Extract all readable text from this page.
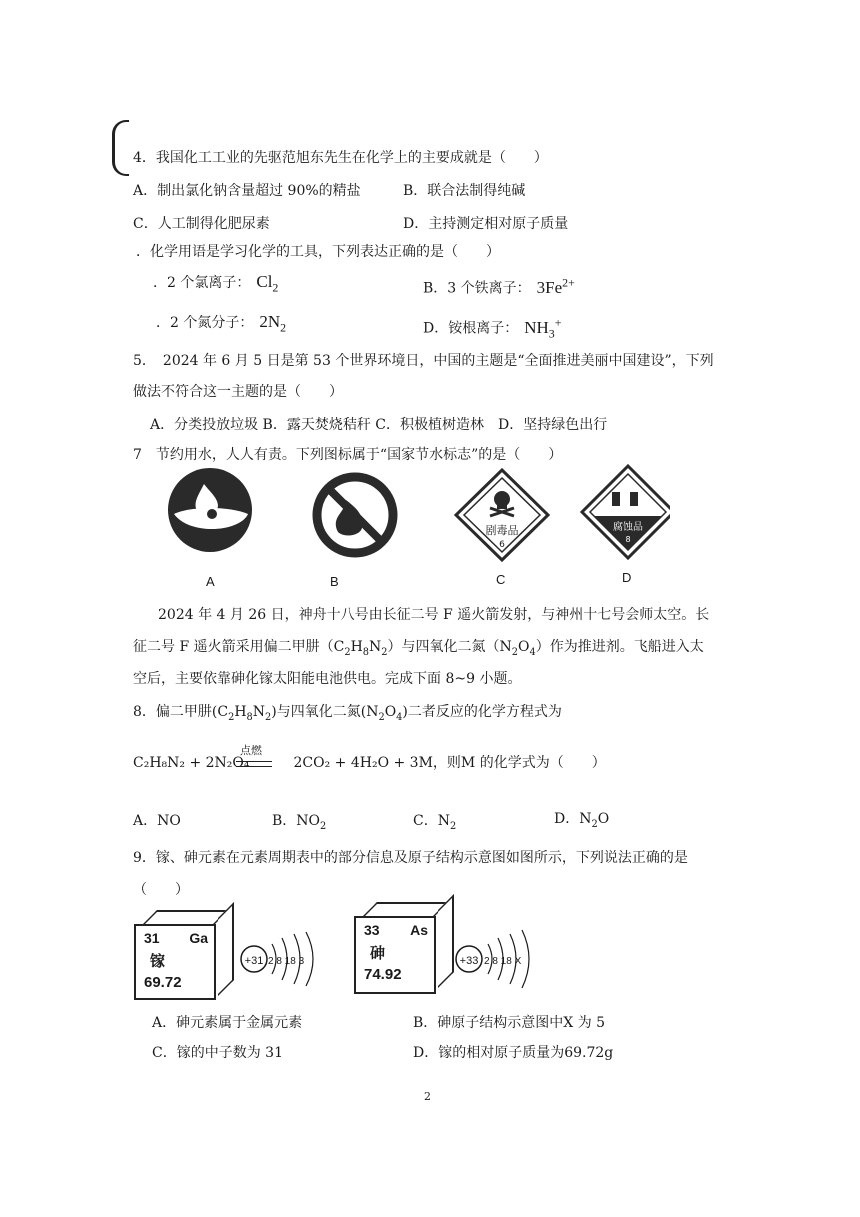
4．我国化工工业的先驱范旭东先生在化学上的主要成就是（　　）
A．制出氯化钠含量超过 90%的精盐	B．联合法制得纯碱
C．人工制得化肥尿素	D．主持测定相对原子质量
．化学用语是学习化学的工具，下列表达正确的是（　　）
．2 个氯离子： $Cl_2$	B．3 个铁离子： $3Fe^{2+}$
．2 个氮分子： $2N_2$	D．铵根离子： $NH_3^+$
5．　2024 年 6 月 5 日是第 53 个世界环境日，中国的主题是“全面推进美丽中国建设”，下列
做法不符合这一主题的是（　　）
A．分类投放垃圾 B．露天焚烧秸秆 C．积极植树造林　D．坚持绿色出行
7　节约用水，人人有责。下列图标属于“国家节水标志”的是（　　）
剧毒品
6
腐蚀品
8
A	B	C	D
2024 年 4 月 26 日，神舟十八号由长征二号 F 遥火箭发射，与神州十七号会师太空。长
征二号 F 遥火箭采用偏二甲肼$(C_2H_8N_2)$与四氧化二氮$(N_2O_4)$作为推进剂。飞船进入太
空后，主要依靠砷化镓太阳能电池供电。完成下面 8~9 小题。
8．偏二甲肼$(C_2H_8N_2)$与四氧化二氮$(N_2O_4)$二者反应的化学方程式为
点燃
C₂H₈N₂ + 2N₂O₄	2CO₂ + 4H₂O + 3M，则M 的化学式为（　　）
A．NO	B．$NO_2$	C．$N_2$	D．$N_2O$
9．镓、砷元素在元素周期表中的部分信息及原子结构示意图如图所示，下列说法正确的是
（　　）
31 Ga
镓
69.72
+31 2 8 18 3
33 As
砷
74.92
+33 2 8 18 X
A．砷元素属于金属元素	B．砷原子结构示意图中X 为 5
C．镓的中子数为 31	D．镓的相对原子质量为69.72g
2
